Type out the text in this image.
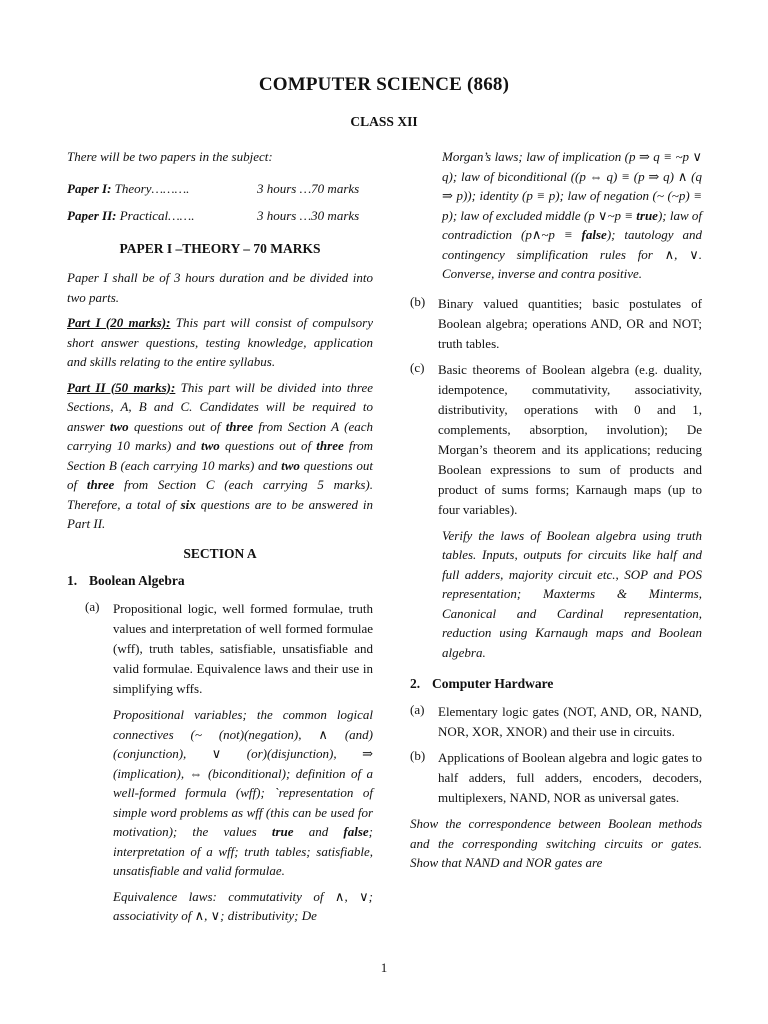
COMPUTER SCIENCE (868)
CLASS XII

There will be two papers in the subject:

Paper I: Theory……….	3 hours …70 marks
Paper II: Practical…….	3 hours …30 marks

PAPER I –THEORY – 70 MARKS

Paper I shall be of 3 hours duration and be divided into two parts.

Part I (20 marks): This part will consist of compulsory short answer questions, testing knowledge, application and skills relating to the entire syllabus.

Part II (50 marks): This part will be divided into three Sections, A, B and C. Candidates will be required to answer two questions out of three from Section A (each carrying 10 marks) and two questions out of three from Section B (each carrying 10 marks) and two questions out of three from Section C (each carrying 5 marks). Therefore, a total of six questions are to be answered in Part II.

SECTION A

1. Boolean Algebra
(a)	Propositional logic, well formed formulae, truth values and interpretation of well formed formulae (wff), truth tables, satisfiable, unsatisfiable and valid formulae. Equivalence laws and their use in simplifying wffs.

Propositional variables; the common logical connectives (~ (not)(negation), ∧ (and)(conjunction), ∨ (or)(disjunction), ⇒ (implication), ⇔ (biconditional); definition of a well-formed formula (wff); `representation of simple word problems as wff (this can be used for motivation); the values true and false; interpretation of a wff; truth tables; satisfiable, unsatisfiable and valid formulae.

Equivalence laws: commutativity of ∧, ∨; associativity of ∧, ∨; distributivity; De

Morgan’s laws; law of implication (p ⇒ q ≡ ~p ∨ q); law of biconditional ((p ⇔ q) ≡ (p ⇒ q) ∧ (q ⇒ p)); identity (p ≡ p); law of negation (~ (~p) ≡ p); law of excluded middle (p ∨~p ≡ true); law of contradiction (p∧~p ≡ false); tautology and contingency simplification rules for ∧, ∨. Converse, inverse and contra positive.

(b) Binary valued quantities; basic postulates of Boolean algebra; operations AND, OR and NOT; truth tables.
(c)	Basic theorems of Boolean algebra (e.g. duality, idempotence, commutativity, associativity, distributivity, operations with 0 and 1, complements, absorption, involution); De Morgan’s theorem and its applications; reducing Boolean expressions to sum of products and product of sums forms; Karnaugh maps (up to four variables).

Verify the laws of Boolean algebra using truth tables. Inputs, outputs for circuits like half and full adders, majority circuit etc., SOP and POS representation; Maxterms & Minterms, Canonical and Cardinal representation, reduction using Karnaugh maps and Boolean algebra.

2. Computer Hardware
(a)	Elementary logic gates (NOT, AND, OR, NAND, NOR, XOR, XNOR) and their use in circuits.
(b) Applications of Boolean algebra and logic gates to half adders, full adders, encoders, decoders, multiplexers, NAND, NOR as universal gates.

Show the correspondence between Boolean methods and the corresponding switching circuits or gates. Show that NAND and NOR gates are

1
